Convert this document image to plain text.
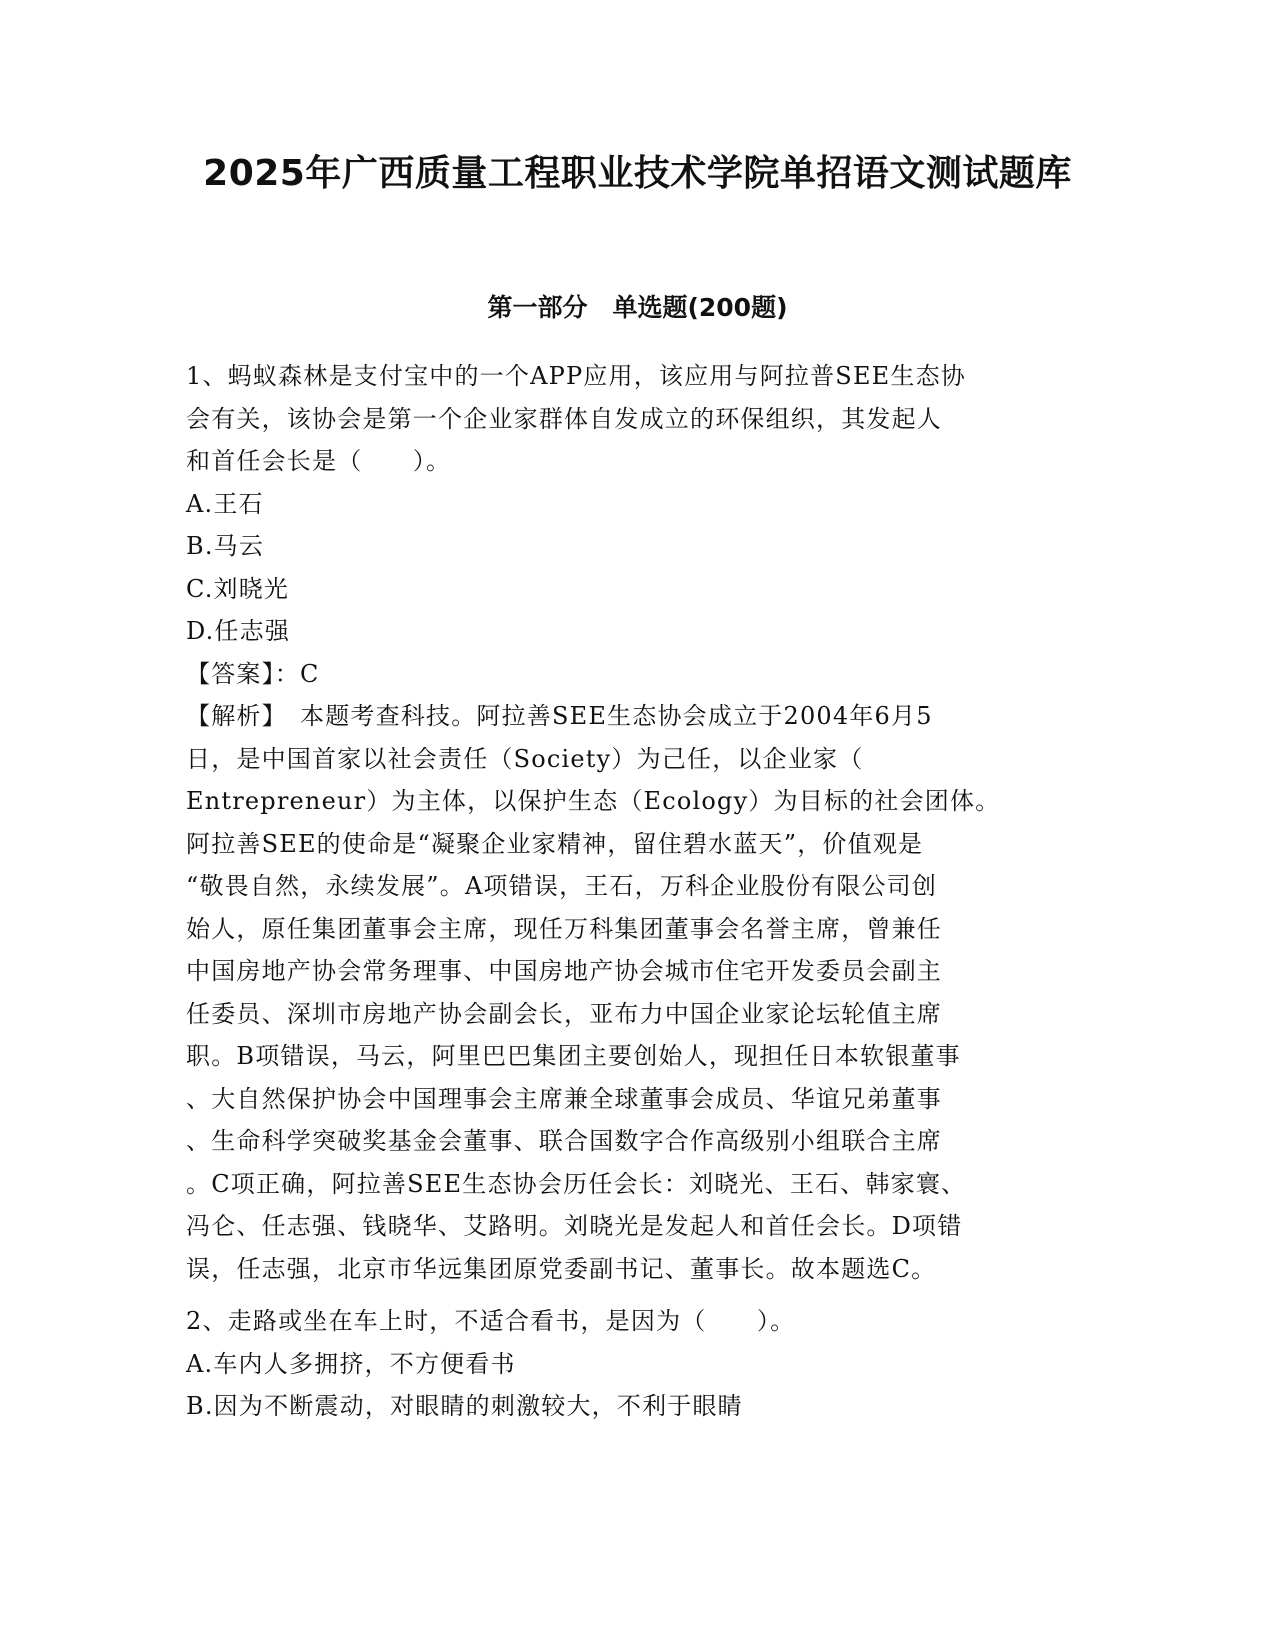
2025年广西质量工程职业技术学院单招语文测试题库
第一部分　单选题(200题)
1、蚂蚁森林是支付宝中的一个APP应用，该应用与阿拉普SEE生态协
会有关，该协会是第一个企业家群体自发成立的环保组织，其发起人
和首任会长是（　　）。
A.王石
B.马云
C.刘晓光
D.任志强
【答案】：C
【解析】　本题考查科技。阿拉善SEE生态协会成立于2004年6月5
日，是中国首家以社会责任（Society）为己任，以企业家（
Entrepreneur）为主体，以保护生态（Ecology）为目标的社会团体。
阿拉善SEE的使命是“凝聚企业家精神，留住碧水蓝天”，价值观是
“敬畏自然，永续发展”。A项错误，王石，万科企业股份有限公司创
始人，原任集团董事会主席，现任万科集团董事会名誉主席，曾兼任
中国房地产协会常务理事、中国房地产协会城市住宅开发委员会副主
任委员、深圳市房地产协会副会长，亚布力中国企业家论坛轮值主席
职。B项错误，马云，阿里巴巴集团主要创始人，现担任日本软银董事
、大自然保护协会中国理事会主席兼全球董事会成员、华谊兄弟董事
、生命科学突破奖基金会董事、联合国数字合作高级别小组联合主席
。C项正确，阿拉善SEE生态协会历任会长：刘晓光、王石、韩家寰、
冯仑、任志强、钱晓华、艾路明。刘晓光是发起人和首任会长。D项错
误，任志强，北京市华远集团原党委副书记、董事长。故本题选C。
2、走路或坐在车上时，不适合看书，是因为（　　）。
A.车内人多拥挤，不方便看书
B.因为不断震动，对眼睛的刺激较大，不利于眼睛
